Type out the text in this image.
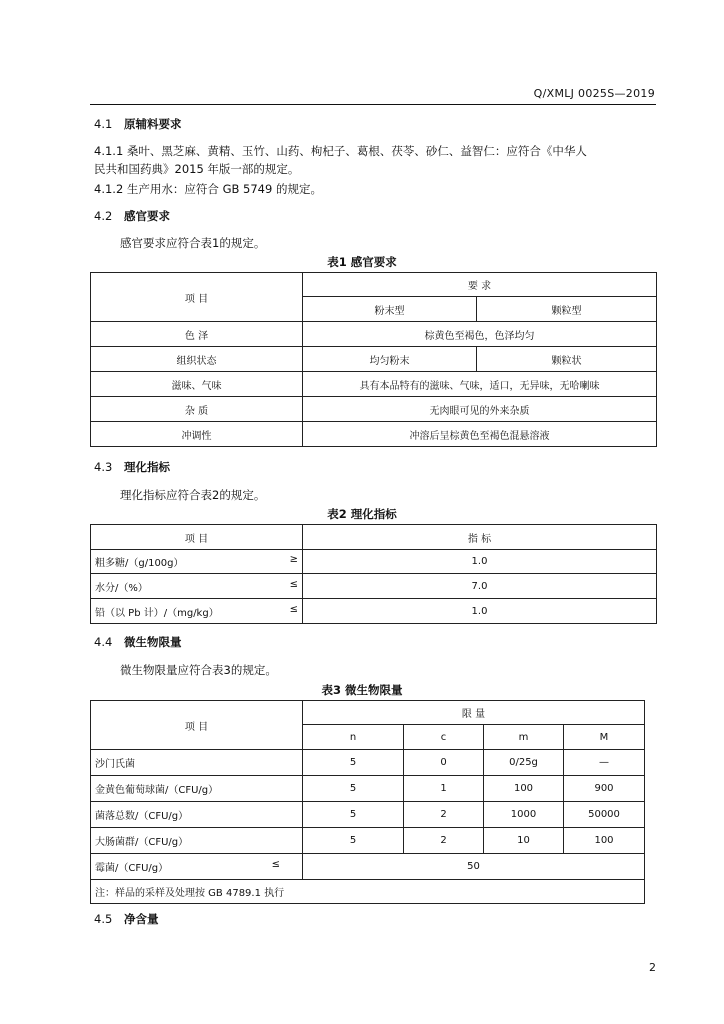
Q/XMLJ 0025S—2019
4.1 原辅料要求
4.1.1 桑叶、黑芝麻、黄精、玉竹、山药、枸杞子、葛根、茯苓、砂仁、益智仁：应符合《中华人
民共和国药典》2015 年版一部的规定。
4.1.2 生产用水：应符合 GB 5749 的规定。
4.2 感官要求
感官要求应符合表1的规定。
表1 感官要求
项 目	要 求	
	粉末型	颗粒型
色 泽	棕黄色至褐色，色泽均匀	
组织状态	均匀粉末	颗粒状
滋味、气味	具有本品特有的滋味、气味，适口，无异味，无哈喇味	
杂 质	无肉眼可见的外来杂质	
冲调性	冲溶后呈棕黄色至褐色混悬溶液	
4.3 理化指标
理化指标应符合表2的规定。
表2 理化指标
项 目	指 标

粗多糖/（g/100g） ≥	1.0

水分/（%） ≤	7.0

铅（以 Pb 计）/（mg/kg） ≤	1.0
4.4 微生物限量
微生物限量应符合表3的规定。
表3 微生物限量
项 目	限 量			
	n	c	m	M
沙门氏菌	5	0	0/25g	—
金黄色葡萄球菌/（CFU/g）	5	1	100	900
菌落总数/（CFU/g）	5	2	1000	50000
大肠菌群/（CFU/g）	5	2	10	100

霉菌/（CFU/g） ≤	50			
注：样品的采样及处理按 GB 4789.1 执行				
4.5 净含量
2
